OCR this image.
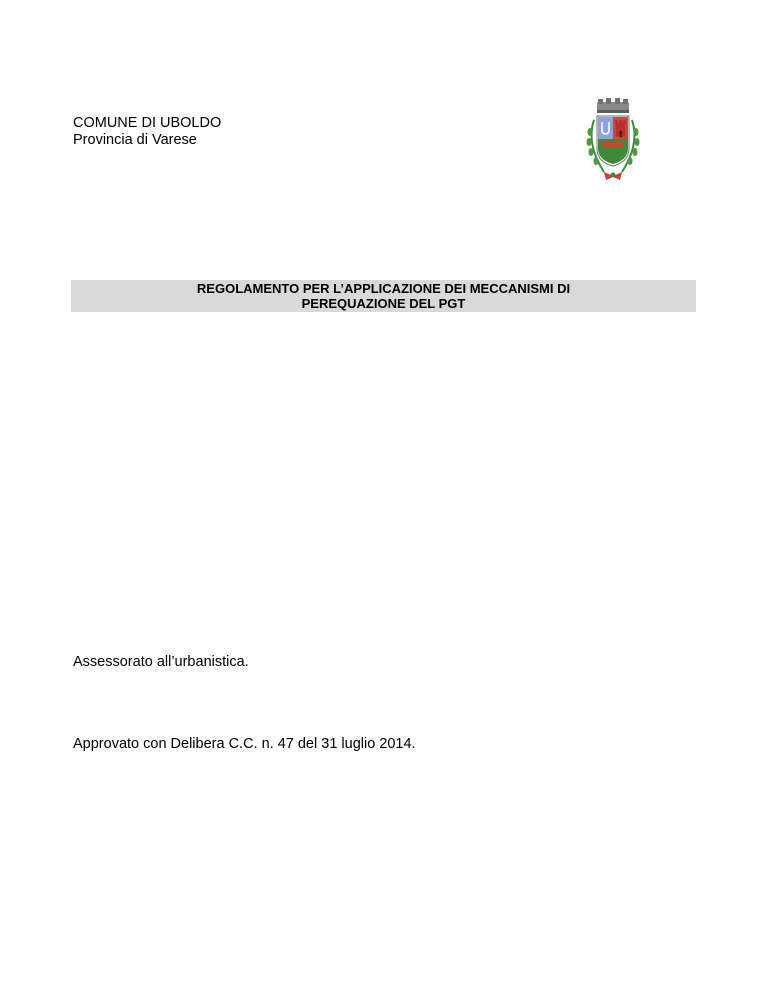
COMUNE DI UBOLDO
Provincia di Varese
REGOLAMENTO PER L’APPLICAZIONE DEI MECCANISMI DI
PEREQUAZIONE DEL PGT
Assessorato all’urbanistica.
Approvato con Delibera C.C. n. 47 del 31 luglio 2014.
